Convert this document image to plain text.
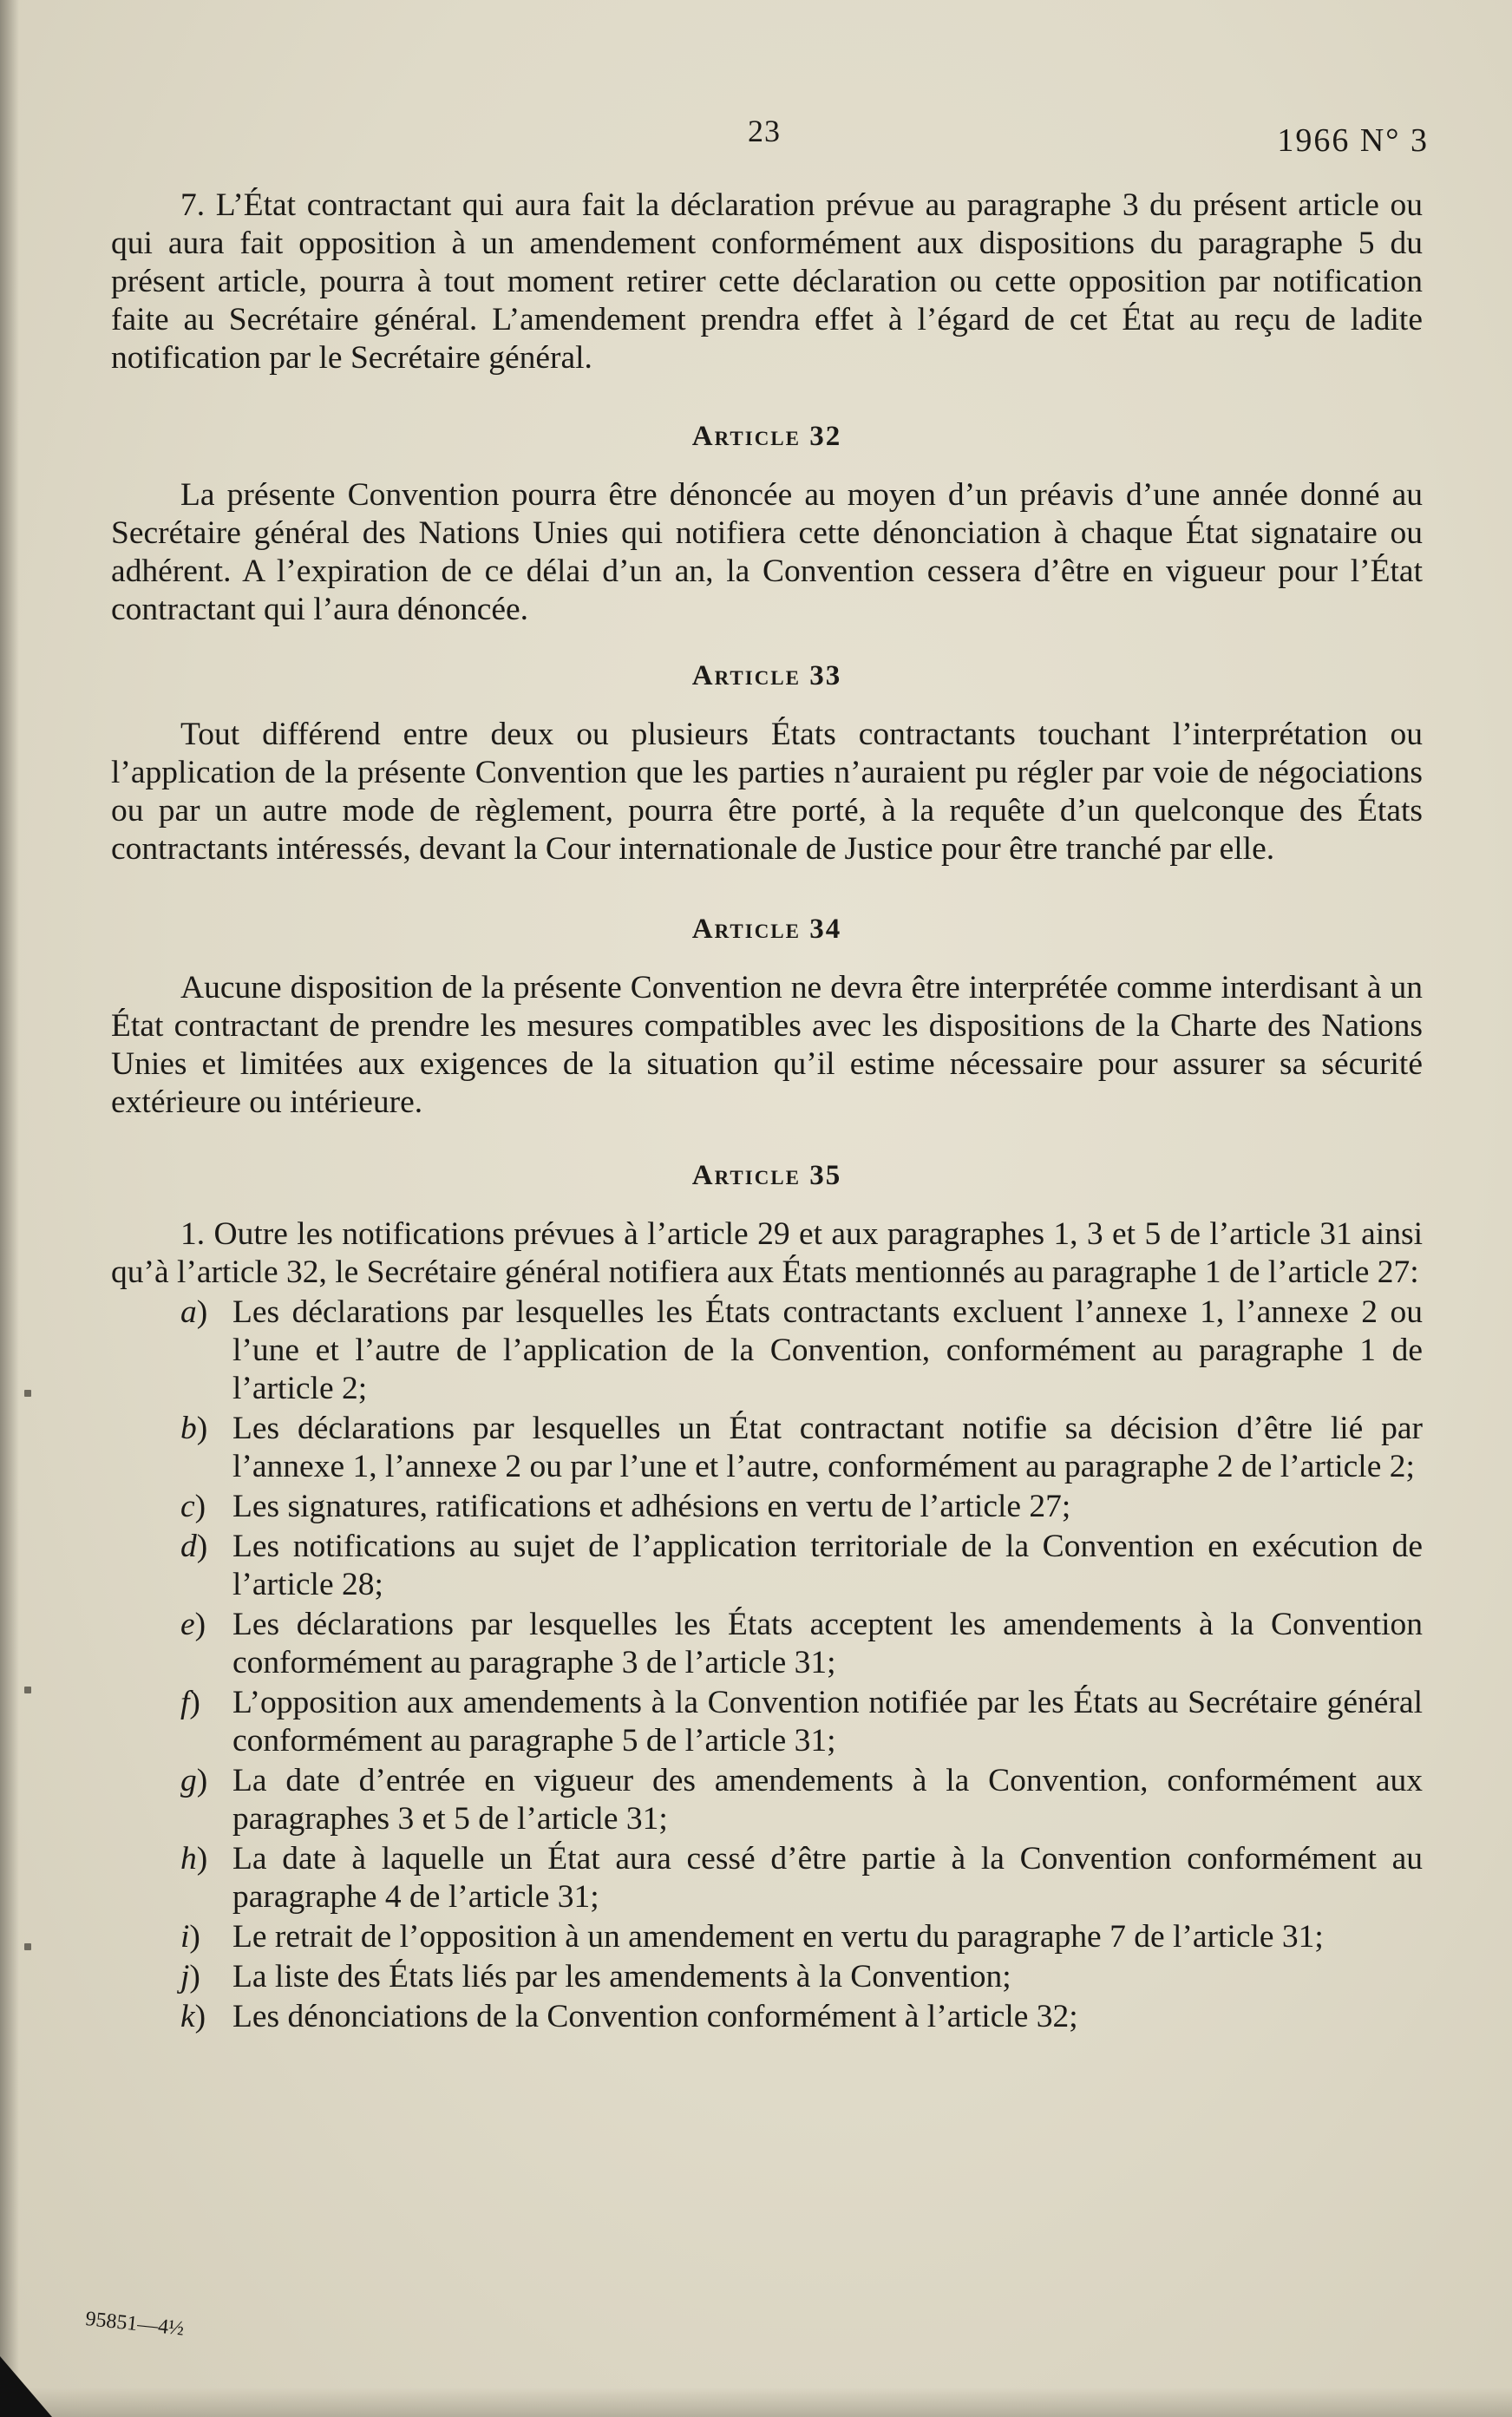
23	1966 N° 3

7. L’État contractant qui aura fait la déclaration prévue au paragraphe 3 du présent article ou qui aura fait opposition à un amendement conformément aux dispositions du paragraphe 5 du présent article, pourra à tout moment retirer cette déclaration ou cette opposition par notification faite au Secrétaire général. L’amendement prendra effet à l’égard de cet État au reçu de ladite notification par le Secrétaire général.

Article 32

La présente Convention pourra être dénoncée au moyen d’un préavis d’une année donné au Secrétaire général des Nations Unies qui notifiera cette dénonciation à chaque État signataire ou adhérent. A l’expiration de ce délai d’un an, la Convention cessera d’être en vigueur pour l’État contractant qui l’aura dénoncée.

Article 33

Tout différend entre deux ou plusieurs États contractants touchant l’interprétation ou l’application de la présente Convention que les parties n’auraient pu régler par voie de négociations ou par un autre mode de règlement, pourra être porté, à la requête d’un quelconque des États contractants intéressés, devant la Cour internationale de Justice pour être tranché par elle.

Article 34

Aucune disposition de la présente Convention ne devra être interprétée comme interdisant à un État contractant de prendre les mesures compatibles avec les dispositions de la Charte des Nations Unies et limitées aux exigences de la situation qu’il estime nécessaire pour assurer sa sécurité extérieure ou intérieure.

Article 35

1. Outre les notifications prévues à l’article 29 et aux paragraphes 1, 3 et 5 de l’article 31 ainsi qu’à l’article 32, le Secrétaire général notifiera aux États mentionnés au paragraphe 1 de l’article 27:

a) Les déclarations par lesquelles les États contractants excluent l’annexe 1, l’annexe 2 ou l’une et l’autre de l’application de la Convention, conformément au paragraphe 1 de l’article 2;
b) Les déclarations par lesquelles un État contractant notifie sa décision d’être lié par l’annexe 1, l’annexe 2 ou par l’une et l’autre, conformément au paragraphe 2 de l’article 2;
c) Les signatures, ratifications et adhésions en vertu de l’article 27;
d) Les notifications au sujet de l’application territoriale de la Convention en exécution de l’article 28;
e) Les déclarations par lesquelles les États acceptent les amendements à la Convention conformément au paragraphe 3 de l’article 31;
f) L’opposition aux amendements à la Convention notifiée par les États au Secrétaire général conformément au paragraphe 5 de l’article 31;
g) La date d’entrée en vigueur des amendements à la Convention, conformément aux paragraphes 3 et 5 de l’article 31;
h) La date à laquelle un État aura cessé d’être partie à la Convention conformément au paragraphe 4 de l’article 31;
i) Le retrait de l’opposition à un amendement en vertu du paragraphe 7 de l’article 31;
j) La liste des États liés par les amendements à la Convention;
k) Les dénonciations de la Convention conformément à l’article 32;
95851—4½
